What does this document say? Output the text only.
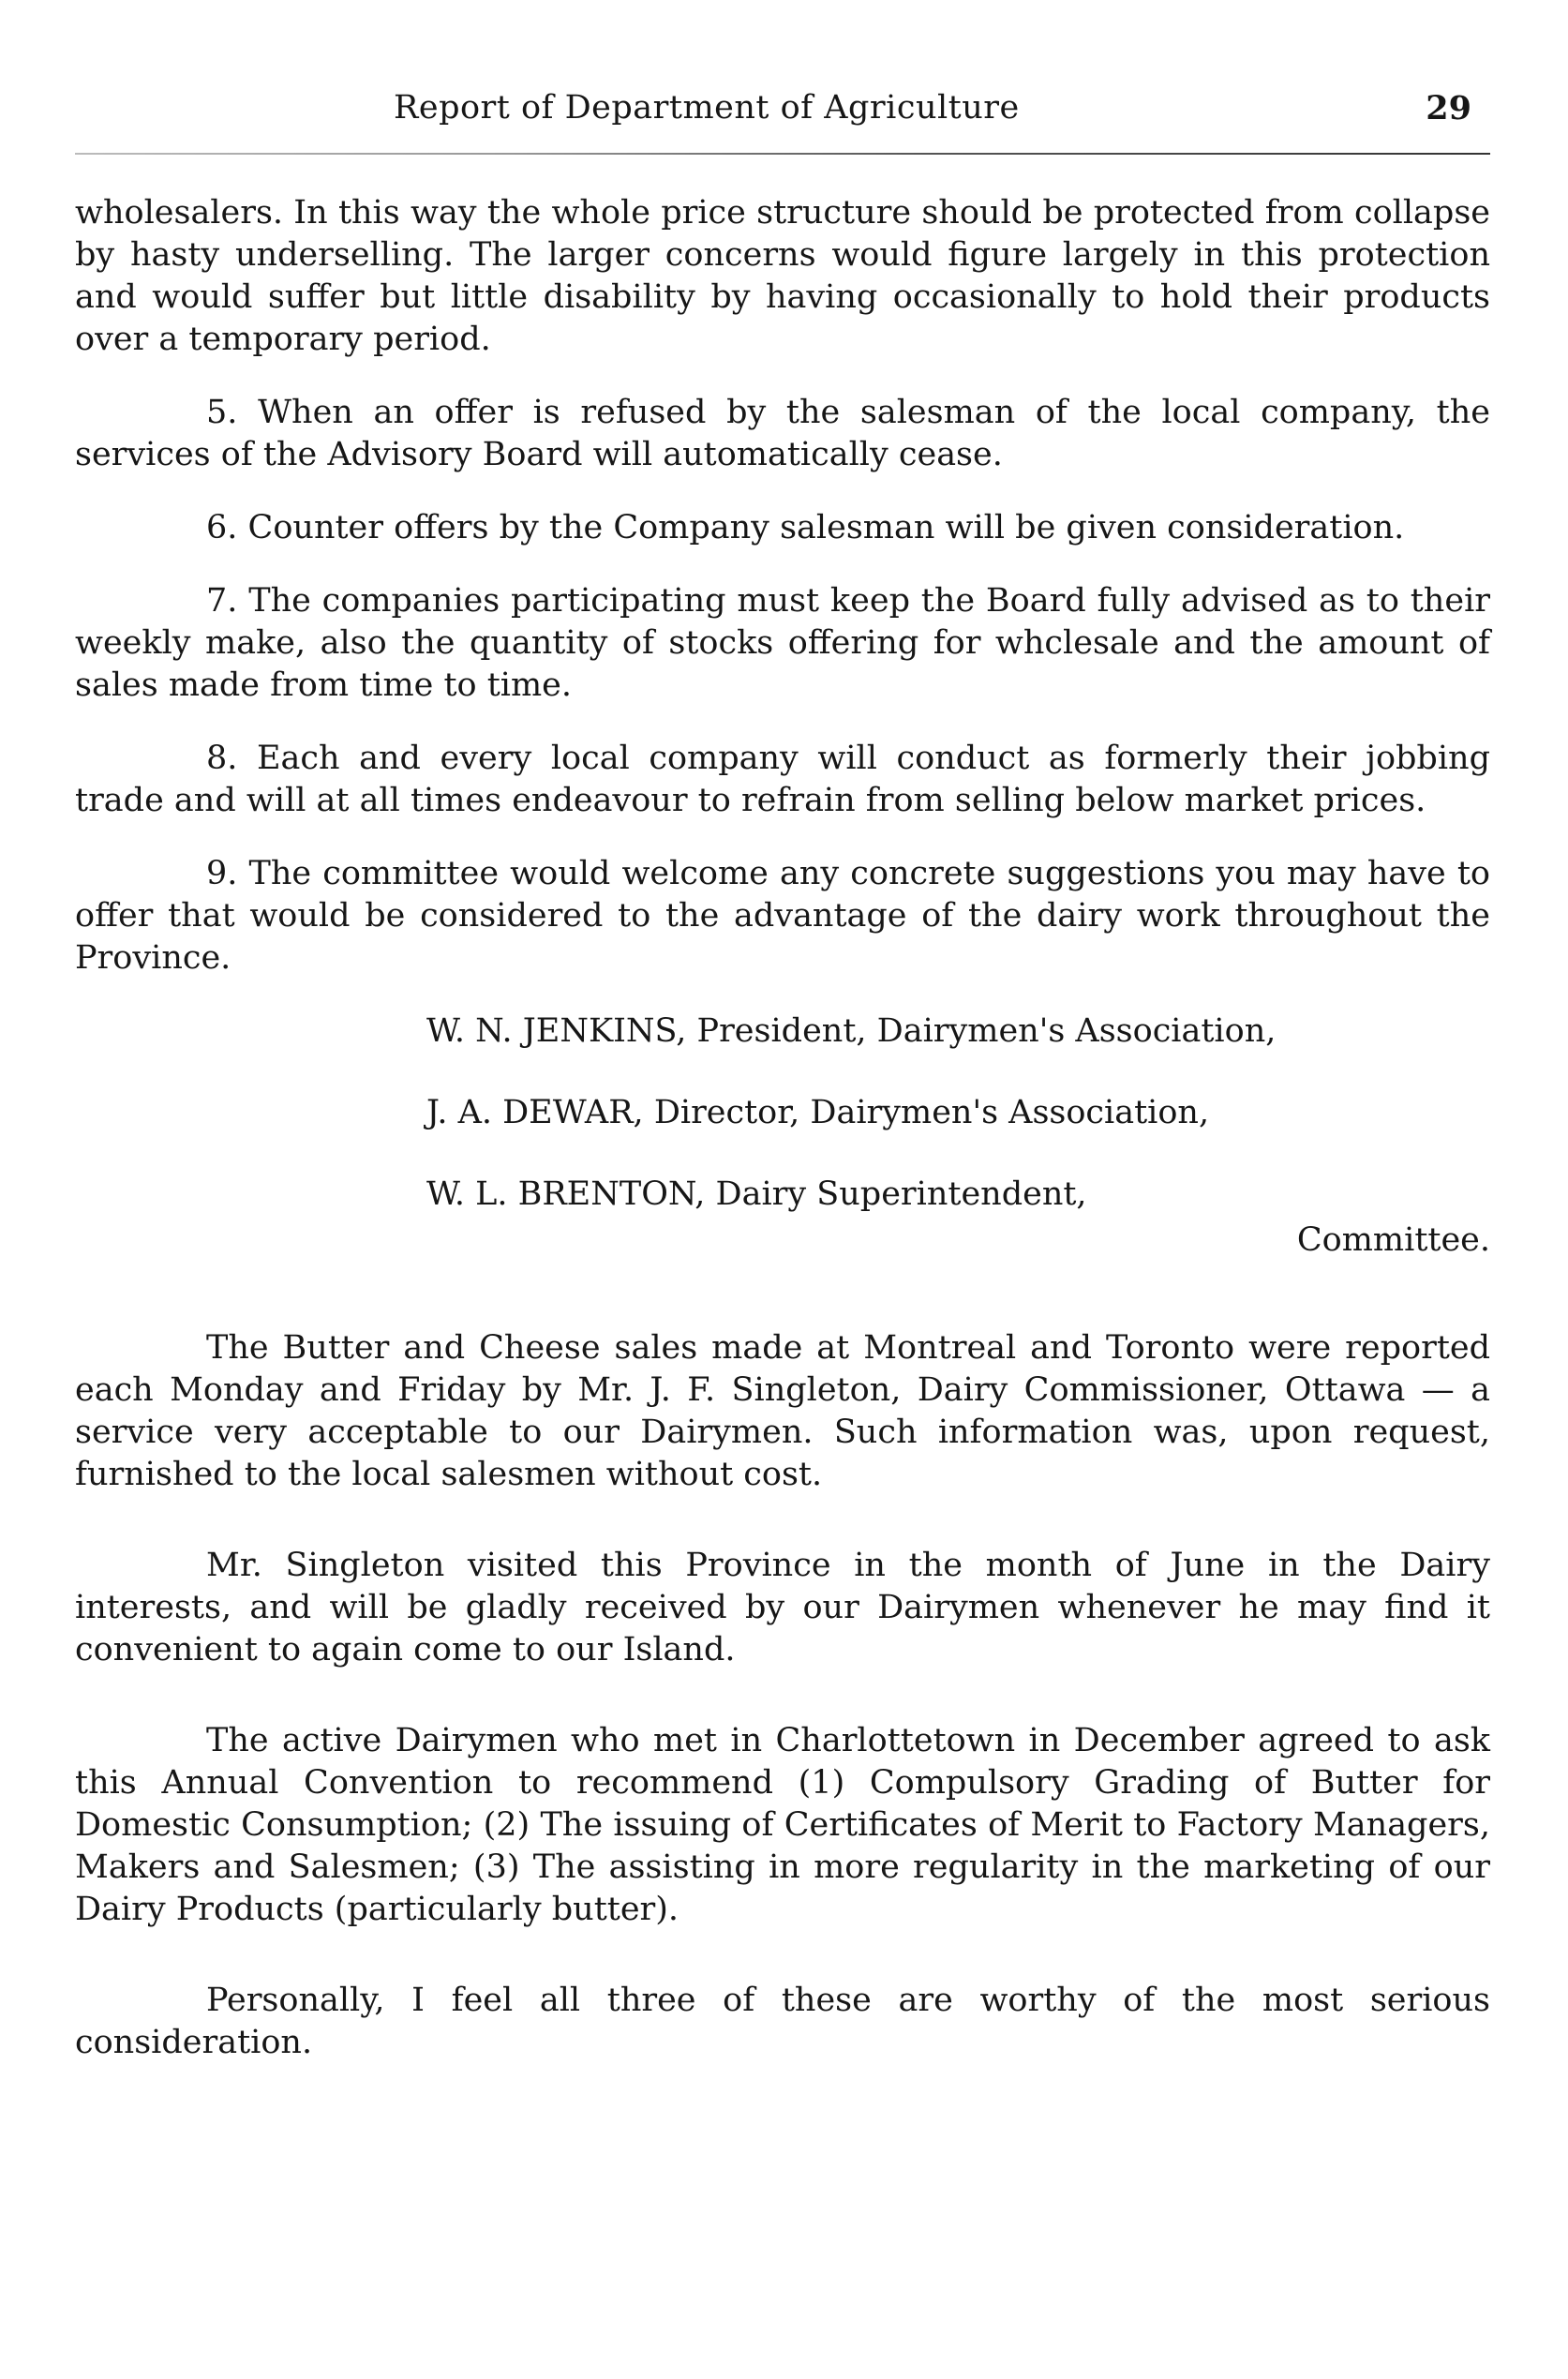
Report of Department of Agriculture	29

wholesalers. In this way the whole price structure should be protected from collapse by hasty underselling. The larger concerns would figure largely in this protection and would suffer but little disability by having occasionally to hold their products over a temporary period.

5. When an offer is refused by the salesman of the local company, the services of the Advisory Board will automatically cease.

6. Counter offers by the Company salesman will be given consideration.

7. The companies participating must keep the Board fully advised as to their weekly make, also the quantity of stocks offering for whclesale and the amount of sales made from time to time.

8. Each and every local company will conduct as formerly their jobbing trade and will at all times endeavour to refrain from selling below market prices.

9. The committee would welcome any concrete suggestions you may have to offer that would be considered to the advantage of the dairy work throughout the Province.

W. N. JENKINS, President, Dairymen's Association,
J. A. DEWAR, Director, Dairymen's Association,
W. L. BRENTON, Dairy Superintendent,
Committee.

The Butter and Cheese sales made at Montreal and Toronto were reported each Monday and Friday by Mr. J. F. Singleton, Dairy Commissioner, Ottawa — a service very acceptable to our Dairymen. Such information was, upon request, furnished to the local salesmen without cost.

Mr. Singleton visited this Province in the month of June in the Dairy interests, and will be gladly received by our Dairymen whenever he may find it convenient to again come to our Island.

The active Dairymen who met in Charlottetown in December agreed to ask this Annual Convention to recommend (1) Compulsory Grading of Butter for Domestic Consumption; (2) The issuing of Certificates of Merit to Factory Managers, Makers and Salesmen; (3) The assisting in more regularity in the marketing of our Dairy Products (particularly butter).

Personally, I feel all three of these are worthy of the most serious consideration.
